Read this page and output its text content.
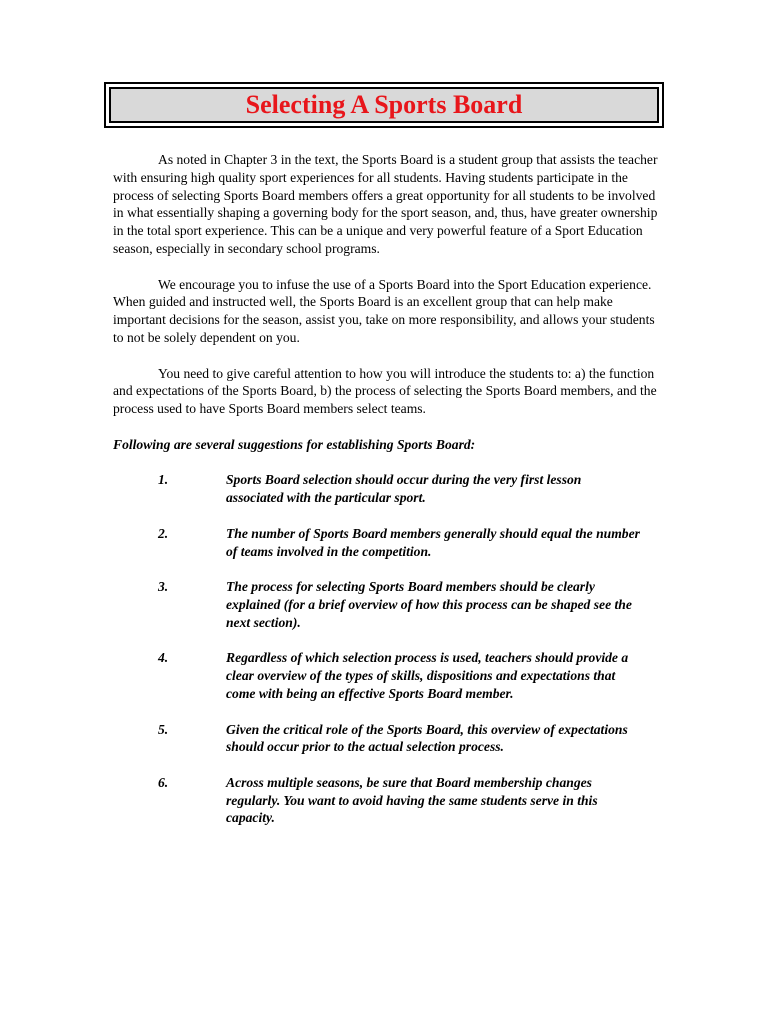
Selecting A Sports Board

As noted in Chapter 3 in the text, the Sports Board is a student group that assists the teacher with ensuring high quality sport experiences for all students. Having students participate in the process of selecting Sports Board members offers a great opportunity for all students to be involved in what essentially shaping a governing body for the sport season, and, thus, have greater ownership in the total sport experience. This can be a unique and very powerful feature of a Sport Education season, especially in secondary school programs.

We encourage you to infuse the use of a Sports Board into the Sport Education experience. When guided and instructed well, the Sports Board is an excellent group that can help make important decisions for the season, assist you, take on more responsibility, and allows your students to not be solely dependent on you.

You need to give careful attention to how you will introduce the students to: a) the function and expectations of the Sports Board, b) the process of selecting the Sports Board members, and the process used to have Sports Board members select teams.

Following are several suggestions for establishing Sports Board:

1.	Sports Board selection should occur during the very first lesson associated with the particular sport.
2.	The number of Sports Board members generally should equal the number of teams involved in the competition.
3.	The process for selecting Sports Board members should be clearly explained (for a brief overview of how this process can be shaped see the next section).
4.	Regardless of which selection process is used, teachers should provide a clear overview of the types of skills, dispositions and expectations that come with being an effective Sports Board member.
5.	Given the critical role of the Sports Board, this overview of expectations should occur prior to the actual selection process.
6.	Across multiple seasons, be sure that Board membership changes regularly. You want to avoid having the same students serve in this capacity.
